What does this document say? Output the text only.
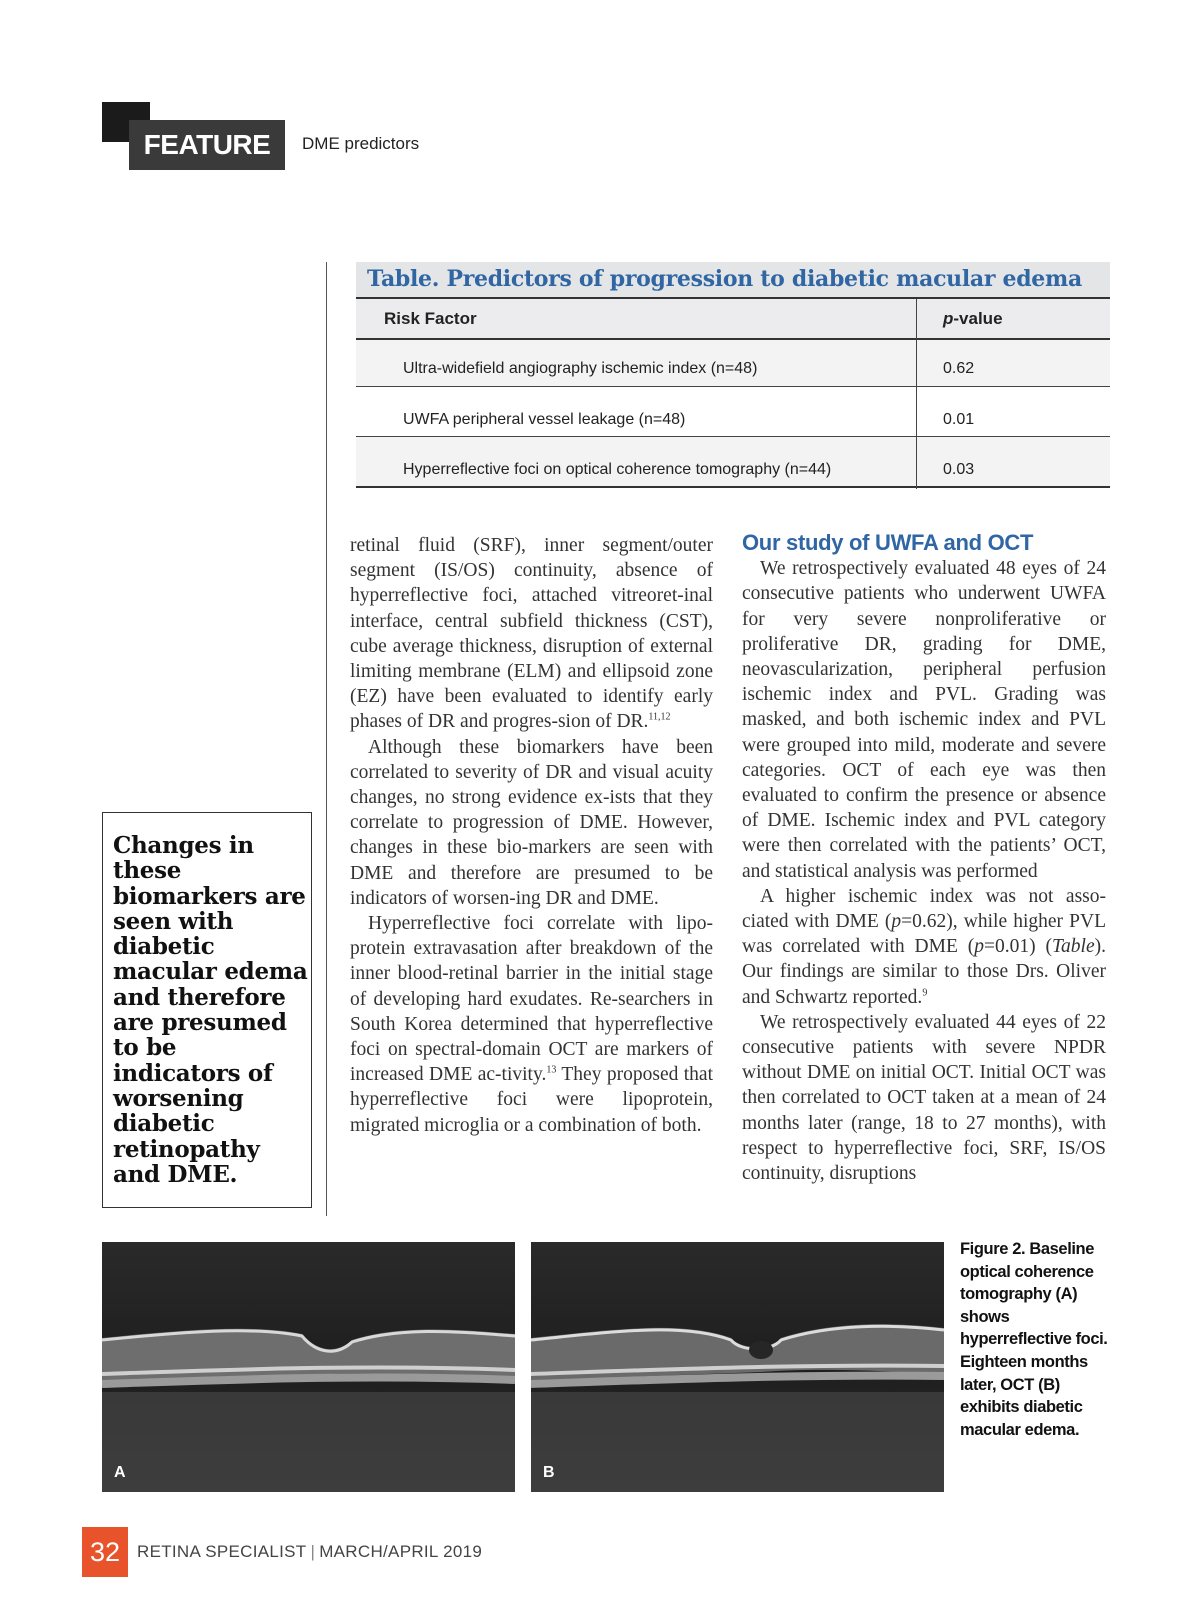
FEATURE	DME predictors
Table. Predictors of progression to diabetic macular edema
Risk Factor	p-value
Ultra-widefield angiography ischemic index (n=48)	0.62
UWFA peripheral vessel leakage (n=48)	0.01
Hyperreflective foci on optical coherence tomography (n=44)	0.03

retinal fluid (SRF), inner segment/outer segment (IS/OS) continuity, absence of hyperreflective foci, attached vitreoret-inal interface, central subfield thickness (CST), cube average thickness, disruption of external limiting membrane (ELM) and ellipsoid zone (EZ) have been evaluated to identify early phases of DR and progres-sion of DR.$^{11,12}$

Although these biomarkers have been correlated to severity of DR and visual acuity changes, no strong evidence ex-ists that they correlate to progression of DME. However, changes in these bio-markers are seen with DME and therefore are presumed to be indicators of worsen-ing DR and DME.

Hyperreflective foci correlate with lipo-protein extravasation after breakdown of the inner blood-retinal barrier in the initial stage of developing hard exudates. Re-searchers in South Korea determined that hyperreflective foci on spectral-domain OCT are markers of increased DME ac-tivity.$^{13}$ They proposed that hyperreflective foci were lipoprotein, migrated microglia or a combination of both.

Our study of UWFA and OCT

We retrospectively evaluated 48 eyes of 24 consecutive patients who underwent UWFA for very severe nonproliferative or proliferative DR, grading for DME, neovascularization, peripheral perfusion ischemic index and PVL. Grading was masked, and both ischemic index and PVL were grouped into mild, moderate and severe categories. OCT of each eye was then evaluated to confirm the presence or absence of DME. Ischemic index and PVL category were then correlated with the patients’ OCT, and statistical analysis was performed

A higher ischemic index was not asso-ciated with DME (p=0.62), while higher PVL was correlated with DME (p=0.01) (Table). Our findings are similar to those Drs. Oliver and Schwartz reported.$^9$

We retrospectively evaluated 44 eyes of 22 consecutive patients with severe NPDR without DME on initial OCT. Initial OCT was then correlated to OCT taken at a mean of 24 months later (range, 18 to 27 months), with respect to hyperreflective foci, SRF, IS/OS continuity, disruptions

Changes in these biomarkers are seen with diabetic macular edema and therefore are presumed to be indicators of worsening diabetic retinopathy and DME.
A	B
Figure 2. Baseline optical coherence tomography (A) shows hyperreflective foci. Eighteen months later, OCT (B) exhibits diabetic macular edema.
32 RETINA SPECIALIST | MARCH/APRIL 2019
